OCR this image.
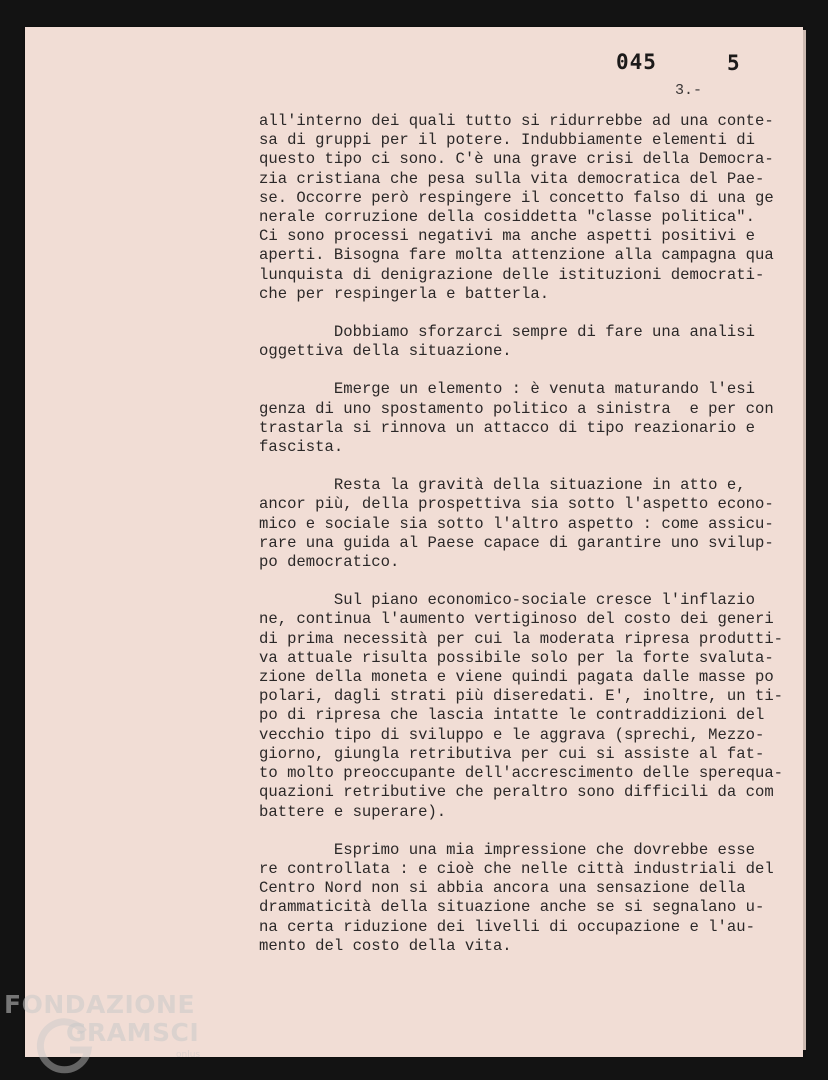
045	5
3.-

all'interno dei quali tutto si ridurrebbe ad una conte-
sa di gruppi per il potere. Indubbiamente elementi di
questo tipo ci sono. C'è una grave crisi della Democra-
zia cristiana che pesa sulla vita democratica del Pae-
se. Occorre però respingere il concetto falso di una ge
nerale corruzione della cosiddetta "classe politica".
Ci sono processi negativi ma anche aspetti positivi e
aperti. Bisogna fare molta attenzione alla campagna qua
lunquista di denigrazione delle istituzioni democrati-
che per respingerla e batterla.

Dobbiamo sforzarci sempre di fare una analisi
oggettiva della situazione.

Emerge un elemento : è venuta maturando l'esi
genza di uno spostamento politico a sinistra  e per con
trastarla si rinnova un attacco di tipo reazionario e
fascista.

Resta la gravità della situazione in atto e,
ancor più, della prospettiva sia sotto l'aspetto econo-
mico e sociale sia sotto l'altro aspetto : come assicu-
rare una guida al Paese capace di garantire uno svilup-
po democratico.

Sul piano economico-sociale cresce l'inflazio
ne, continua l'aumento vertiginoso del costo dei generi
di prima necessità per cui la moderata ripresa produtti-
va attuale risulta possibile solo per la forte svaluta-
zione della moneta e viene quindi pagata dalle masse po
polari, dagli strati più diseredati. E', inoltre, un ti-
po di ripresa che lascia intatte le contraddizioni del
vecchio tipo di sviluppo e le aggrava (sprechi, Mezzo-
giorno, giungla retributiva per cui si assiste al fat-
to molto preoccupante dell'accrescimento delle sperequa-
quazioni retributive che peraltro sono difficili da com
battere e superare).

Esprimo una mia impressione che dovrebbe esse
re controllata : e cioè che nelle città industriali del
Centro Nord non si abbia ancora una sensazione della
drammaticità della situazione anche se si segnalano u-
na certa riduzione dei livelli di occupazione e l'au-
mento del costo della vita.

FONDAZIONE
GRAMSCI
onlus
